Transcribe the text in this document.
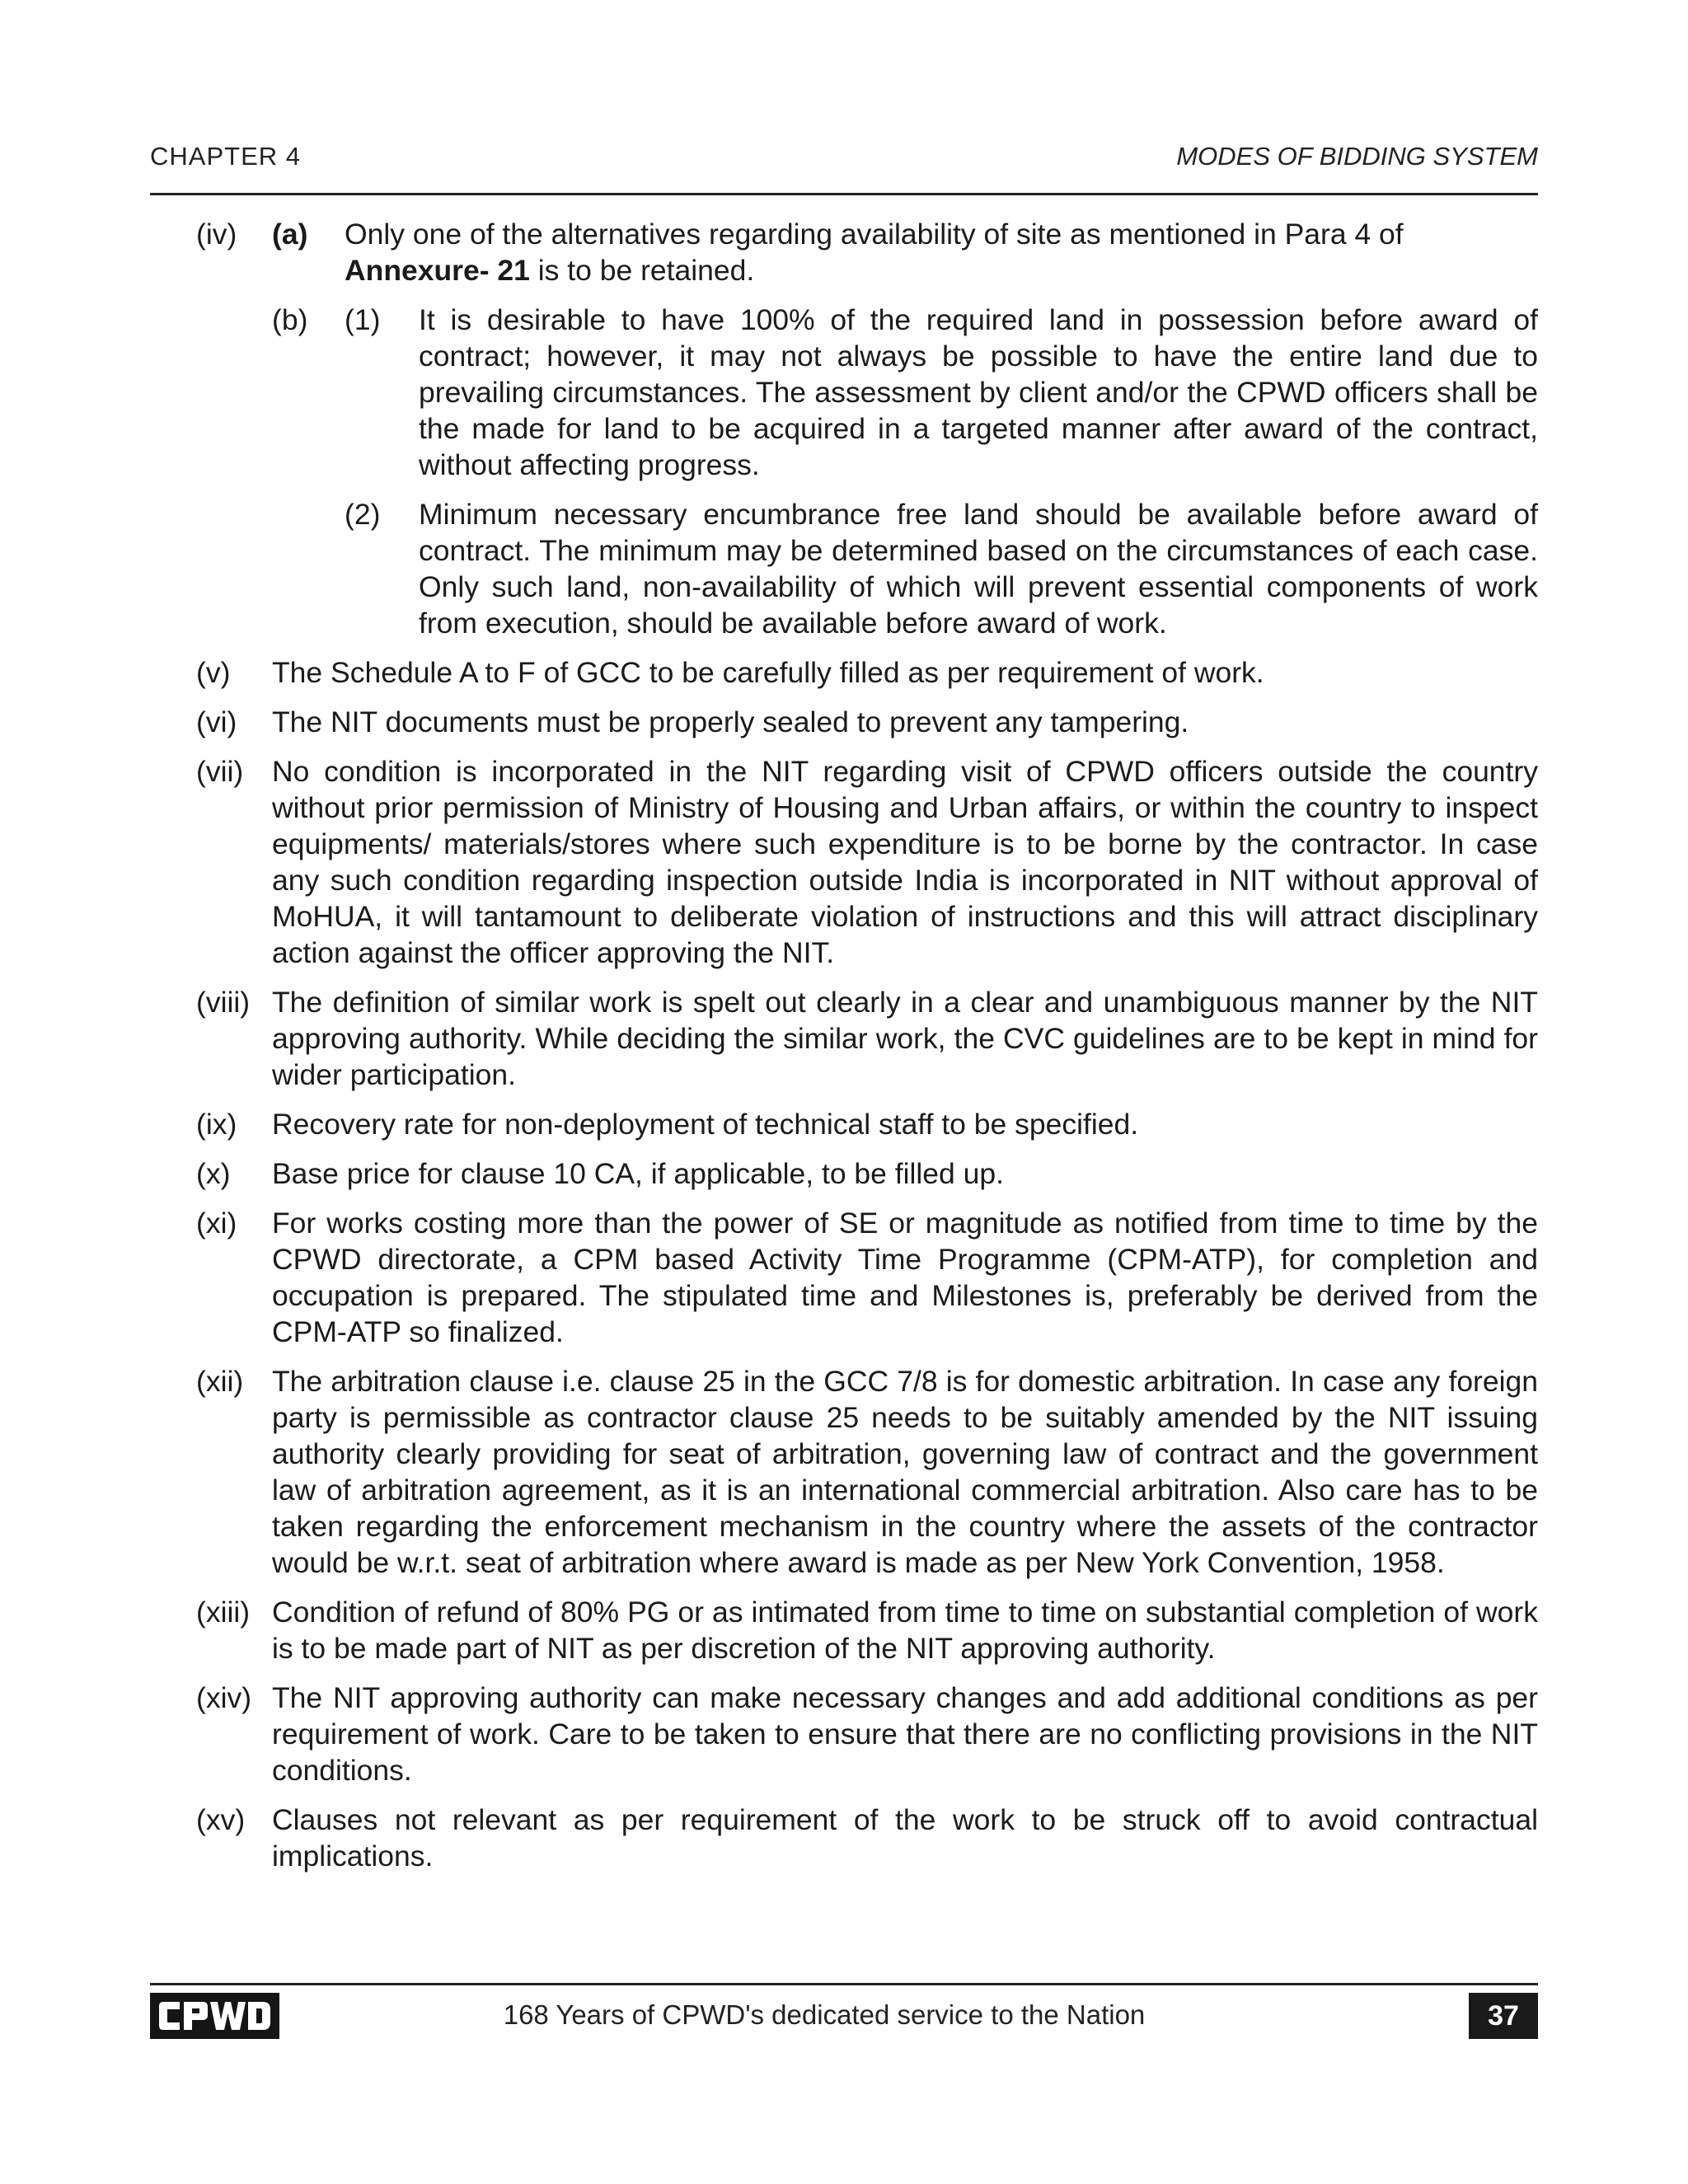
CHAPTER 4	MODES OF BIDDING SYSTEM
(iv) (a)	Only one of the alternatives regarding availability of site as mentioned in Para 4 of
Annexure- 21 is to be retained.
(b) (1)	It is desirable to have 100% of the required land in possession before award of contract; however, it may not always be possible to have the entire land due to prevailing circumstances. The assessment by client and/or the CPWD officers shall be the made for land to be acquired in a targeted manner after award of the contract, without affecting progress.
(2)	Minimum necessary encumbrance free land should be available before award of contract. The minimum may be determined based on the circumstances of each case. Only such land, non-availability of which will prevent essential components of work from execution, should be available before award of work.
(v)	The Schedule A to F of GCC to be carefully filled as per requirement of work.
(vi)	The NIT documents must be properly sealed to prevent any tampering.
(vii) No condition is incorporated in the NIT regarding visit of CPWD officers outside the country without prior permission of Ministry of Housing and Urban affairs, or within the country to inspect equipments/ materials/stores where such expenditure is to be borne by the contractor. In case any such condition regarding inspection outside India is incorporated in NIT without approval of MoHUA, it will tantamount to deliberate violation of instructions and this will attract disciplinary action against the officer approving the NIT.
(viii) The definition of similar work is spelt out clearly in a clear and unambiguous manner by the NIT approving authority. While deciding the similar work, the CVC guidelines are to be kept in mind for wider participation.
(ix)	Recovery rate for non-deployment of technical staff to be specified.
(x)	Base price for clause 10 CA, if applicable, to be filled up.
(xi)	For works costing more than the power of SE or magnitude as notified from time to time by the CPWD directorate, a CPM based Activity Time Programme (CPM-ATP), for completion and occupation is prepared. The stipulated time and Milestones is, preferably be derived from the CPM-ATP so finalized.
(xii) The arbitration clause i.e. clause 25 in the GCC 7/8 is for domestic arbitration. In case any foreign party is permissible as contractor clause 25 needs to be suitably amended by the NIT issuing authority clearly providing for seat of arbitration, governing law of contract and the government law of arbitration agreement, as it is an international commercial arbitration. Also care has to be taken regarding the enforcement mechanism in the country where the assets of the contractor would be w.r.t. seat of arbitration where award is made as per New York Convention, 1958.
(xiii) Condition of refund of 80% PG or as intimated from time to time on substantial completion of work is to be made part of NIT as per discretion of the NIT approving authority.
(xiv) The NIT approving authority can make necessary changes and add additional conditions as per requirement of work. Care to be taken to ensure that there are no conflicting provisions in the NIT conditions.
(xv) Clauses not relevant as per requirement of the work to be struck off to avoid contractual implications.
168 Years of CPWD's dedicated service to the Nation	37
